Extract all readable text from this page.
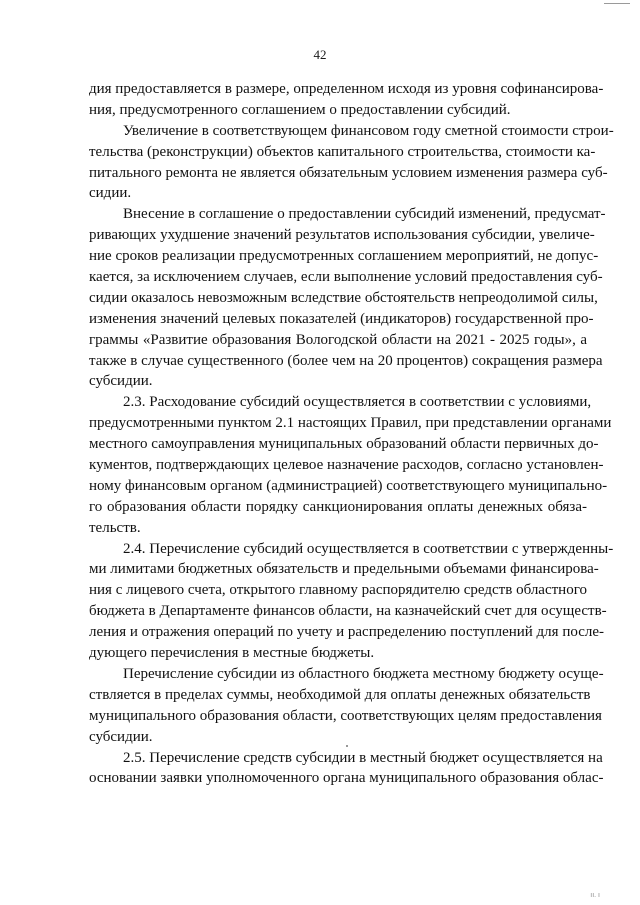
42
дия предоставляется в размере, определенном исходя из уровня софинансирова-
ния, предусмотренного соглашением о предоставлении субсидий.
Увеличение в соответствующем финансовом году сметной стоимости строи-
тельства (реконструкции) объектов капитального строительства, стоимости ка-
питального ремонта не является обязательным условием изменения размера суб-
сидии.
Внесение в соглашение о предоставлении субсидий изменений, предусмат-
ривающих ухудшение значений результатов использования субсидии, увеличе-
ние сроков реализации предусмотренных соглашением мероприятий, не допус-
кается, за исключением случаев, если выполнение условий предоставления суб-
сидии оказалось невозможным вследствие обстоятельств непреодолимой силы,
изменения значений целевых показателей (индикаторов) государственной про-
граммы «Развитие образования Вологодской области на 2021 - 2025 годы», а
также в случае существенного (более чем на 20 процентов) сокращения размера
субсидии.
2.3. Расходование субсидий осуществляется в соответствии с условиями,
предусмотренными пунктом 2.1 настоящих Правил, при представлении органами
местного самоуправления муниципальных образований области первичных до-
кументов, подтверждающих целевое назначение расходов, согласно установлен-
ному финансовым органом (администрацией) соответствующего муниципально-
го образования области порядку санкционирования оплаты денежных обяза-
тельств.
2.4. Перечисление субсидий осуществляется в соответствии с утвержденны-
ми лимитами бюджетных обязательств и предельными объемами финансирова-
ния с лицевого счета, открытого главному распорядителю средств областного
бюджета в Департаменте финансов области, на казначейский счет для осуществ-
ления и отражения операций по учету и распределению поступлений для после-
дующего перечисления в местные бюджеты.
Перечисление субсидии из областного бюджета местному бюджету осуще-
ствляется в пределах суммы, необходимой для оплаты денежных обязательств
муниципального образования области, соответствующих целям предоставления
субсидии.
2.5. Перечисление средств субсидии в местный бюджет осуществляется на
основании заявки уполномоченного органа муниципального образования облас-
ıı. ı
